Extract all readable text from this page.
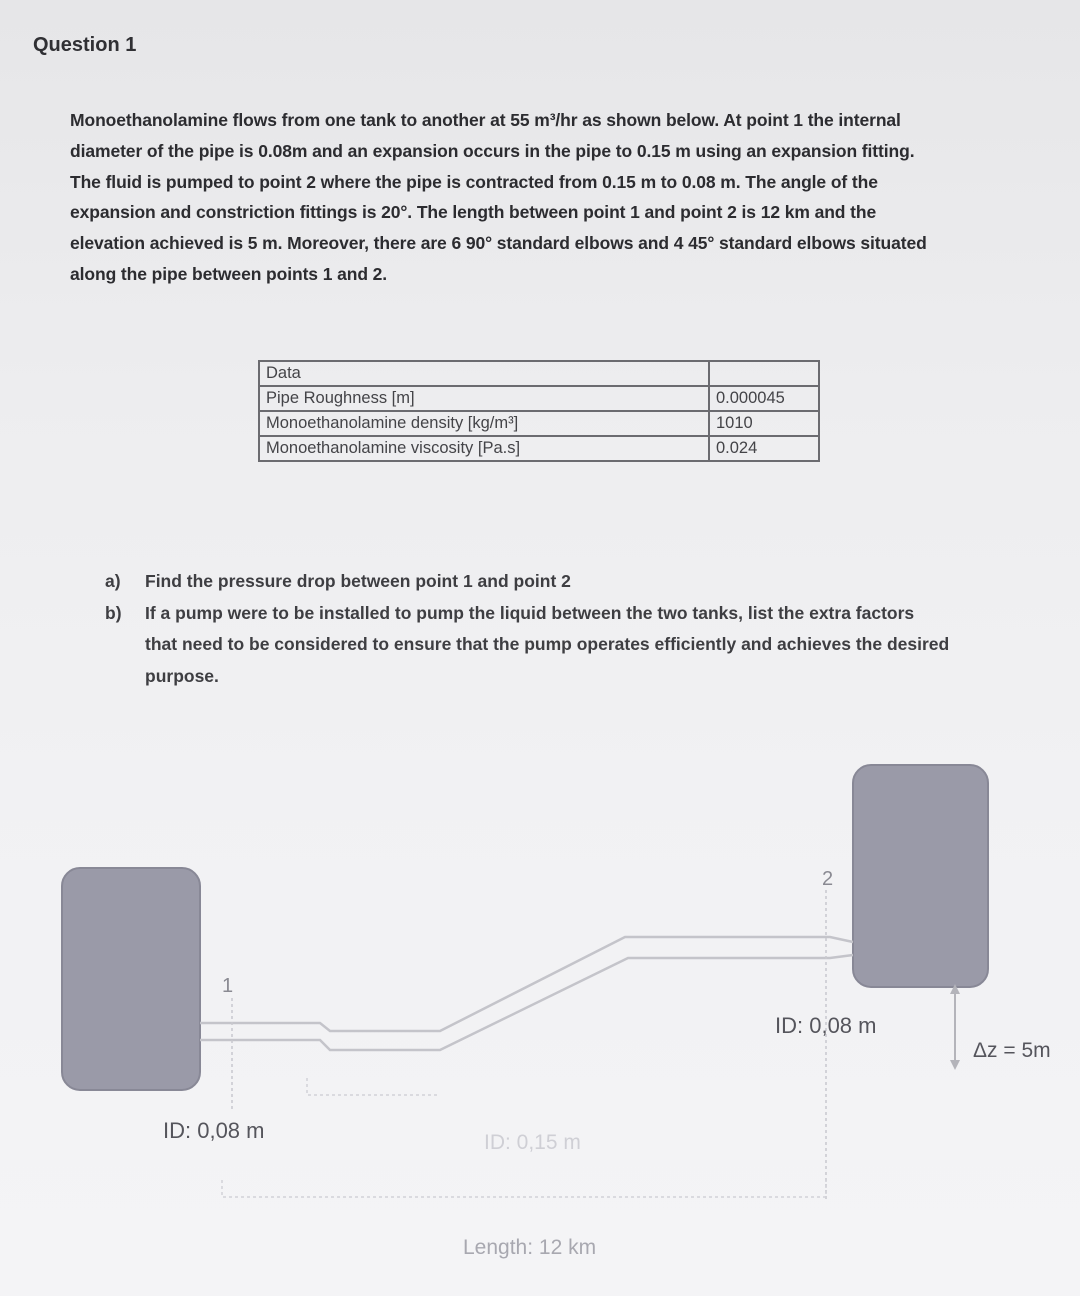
Question 1
Monoethanolamine flows from one tank to another at 55 m³/hr as shown below. At point 1 the internal
diameter of the pipe is 0.08m and an expansion occurs in the pipe to 0.15 m using an expansion fitting.
The fluid is pumped to point 2 where the pipe is contracted from 0.15 m to 0.08 m. The angle of the
expansion and constriction fittings is 20°. The length between point 1 and point 2 is 12 km and the
elevation achieved is 5 m. Moreover, there are 6 90° standard elbows and 4 45° standard elbows situated
along the pipe between points 1 and 2.
Data	
Pipe Roughness [m]	0.000045
Monoethanolamine density [kg/m³]	1010
Monoethanolamine viscosity [Pa.s]	0.024
a) Find the pressure drop between point 1 and point 2
b) If a pump were to be installed to pump the liquid between the two tanks, list the extra factors
that need to be considered to ensure that the pump operates efficiently and achieves the desired
purpose.
1
2
ID: 0,08 m	ID: 0,15 m
ID: 0,08 m
Δz = 5m
Length: 12 km
